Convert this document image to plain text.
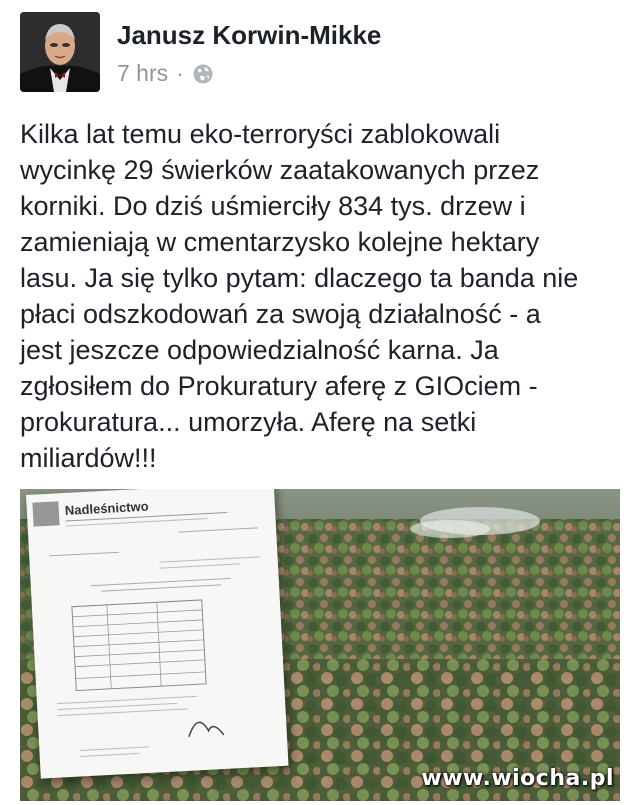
Janusz Korwin-Mikke
7 hrs ·
Kilka lat temu eko-terroryści zablokowali
wycinkę 29 świerków zaatakowanych przez
korniki. Do dziś uśmierciły 834 tys. drzew i
zamieniają w cmentarzysko kolejne hektary
lasu. Ja się tylko pytam: dlaczego ta banda nie
płaci odszkodowań za swoją działalność - a
jest jeszcze odpowiedzialność karna. Ja
zgłosiłem do Prokuratury aferę z GIOciem -
prokuratura... umorzyła. Aferę na setki
miliardów!!!
Nadleśnictwo
www.wiocha.pl
